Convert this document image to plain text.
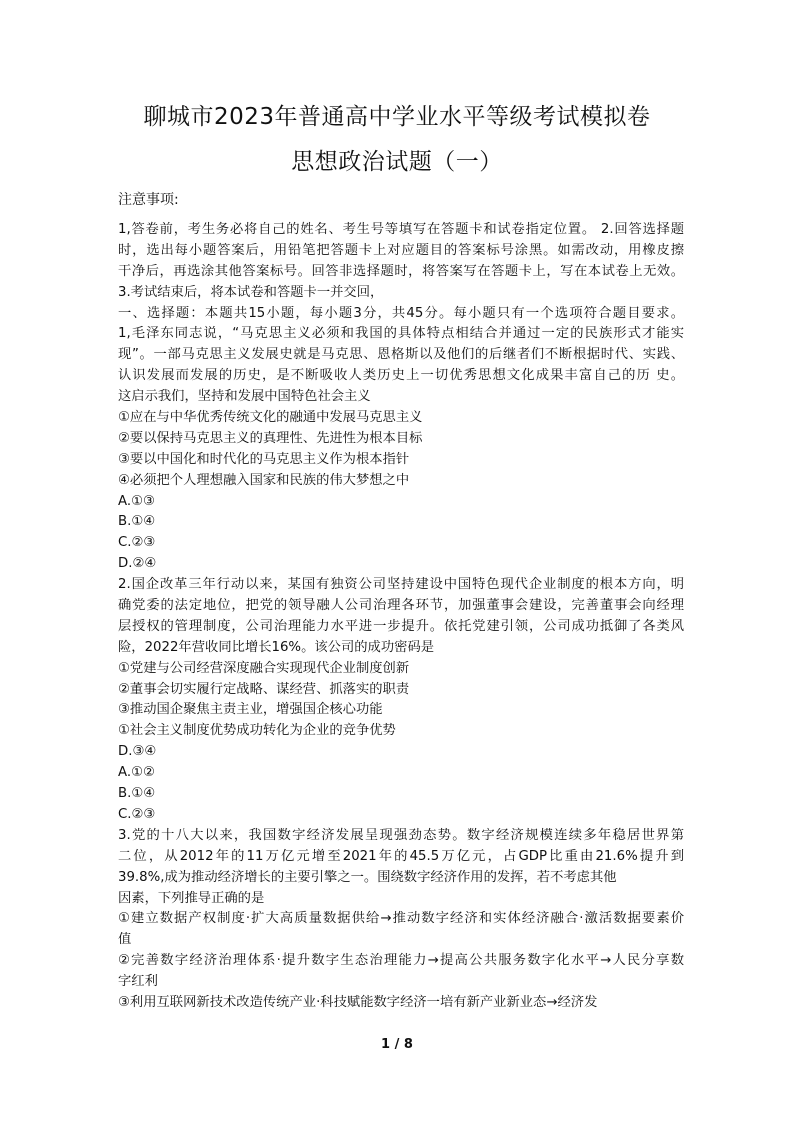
聊城市2023年普通高中学业水平等级考试模拟卷
思想政治试题（一）
注意事项:
1,答卷前，考生务必将自己的姓名、考生号等填写在答题卡和试卷指定位置。 2.回答选择题
时，选出每小题答案后，用铅笔把答题卡上对应题目的答案标号涂黑。如需改动，用橡皮擦
干净后，再选涂其他答案标号。回答非选择题时，将答案写在答题卡上，写在本试卷上无效。
3.考试结束后，将本试卷和答题卡一并交回，
一、选择题：本题共15小题，每小题3分，共45分。每小题只有一个选项符合题目要求。
1,毛泽东同志说，“马克思主义必须和我国的具体特点相结合并通过一定的民族形式才能实
现”。一部马克思主义发展史就是马克思、恩格斯以及他们的后继者们不断根据时代、实践、
认识发展而发展的历史，是不断吸收人类历史上一切优秀思想文化成果丰富自己的历 史。
这启示我们，坚持和发展中国特色社会主义
①应在与中华优秀传统文化的融通中发展马克思主义
②要以保持马克思主义的真理性、先进性为根本目标
③要以中国化和时代化的马克思主义作为根本指针
④必须把个人理想融入国家和民族的伟大梦想之中
A.①③
B.①④
C.②③
D.②④
2.国企改革三年行动以来，某国有独资公司坚持建设中国特色现代企业制度的根本方向，明
确党委的法定地位，把党的领导融人公司治理各环节，加强董事会建设，完善董事会向经理
层授权的管理制度，公司治理能力水平进一步提升。依托党建引领，公司成功抵御了各类风
险，2022年营收同比增长16%。该公司的成功密码是
①党建与公司经营深度融合实现现代企业制度创新
②董事会切实履行定战略、谋经营、抓落实的职责
③推动国企聚焦主责主业，增强国企核心功能
①社会主义制度优势成功转化为企业的竞争优势
D.③④
A.①②
B.①④
C.②③
3.党的十八大以来，我国数字经济发展呈现强劲态势。数字经济规模连续多年稳居世界第
二位，从2012年的11万亿元增至2021年的45.5万亿元，占GDP比重由21.6%提升到
39.8%,成为推动经济增长的主要引擎之一。围绕数字经济作用的发挥，若不考虑其他
因素，下列推导正确的是
①建立数据产权制度·扩大高质量数据供给→推动数字经济和实体经济融合·激活数据要素价
值
②完善数字经济治理体系·提升数字生态治理能力→提高公共服务数字化水平→人民分享数
字红利
③利用互联网新技术改造传统产业·科技赋能数字经济一培有新产业新业态→经济发
1 / 8
